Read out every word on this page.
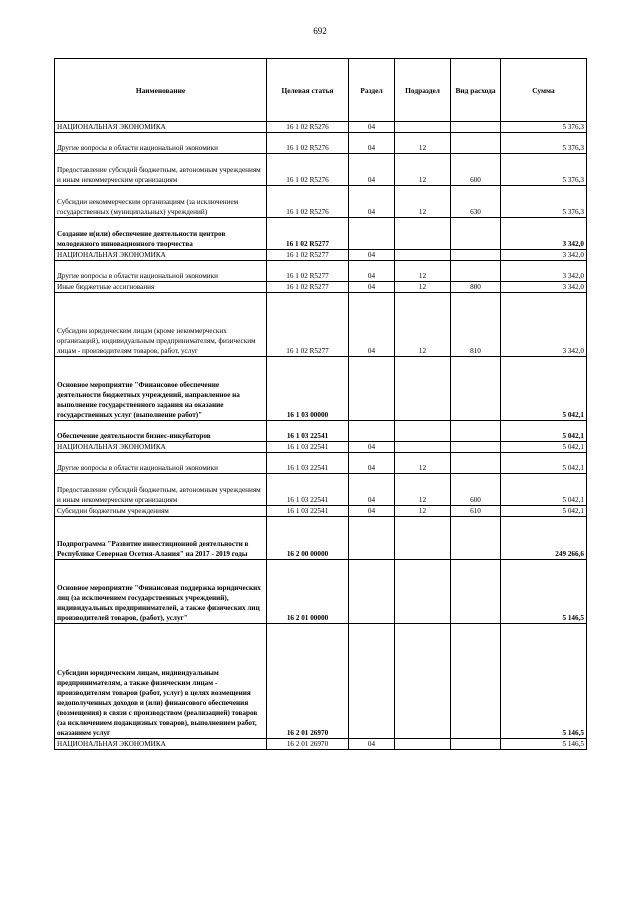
692
Наименование	Целевая статья	Раздел	Подраздел	Вид расхода	Сумма
НАЦИОНАЛЬНАЯ ЭКОНОМИКА	16 1 02 R5276	04			5 376,3
Другие вопросы в области национальной экономики	16 1 02 R5276	04	12		5 376,3
Предоставление субсидий бюджетным, автономным учреждениям и иным некоммерческим организациям	16 1 02 R5276	04	12	600	5 376,3
Субсидии некоммерческим организациям (за исключением государственных (муниципальных) учреждений)	16 1 02 R5276	04	12	630	5 376,3
Создание и(или) обеспечение деятельности центров молодежного инновационного творчества	16 1 02 R5277				3 342,0
НАЦИОНАЛЬНАЯ ЭКОНОМИКА	16 1 02 R5277	04			3 342,0
Другие вопросы в области национальной экономики	16 1 02 R5277	04	12		3 342,0
Иные бюджетные ассигнования	16 1 02 R5277	04	12	800	3 342,0
Субсидии юридическим лицам (кроме некоммерческих организаций), индивидуальным предпринимателям, физическим лицам - производителям товаров, работ, услуг	16 1 02 R5277	04	12	810	3 342,0
Основное мероприятие "Финансовое обеспечение деятельности бюджетных учреждений, направленное на выполнение государственного задания на оказание государственных услуг (выполнение работ)"	16 1 03 00000				5 042,1
Обеспечение деятельности бизнес-инкубаторов	16 1 03 22541				5 042,1
НАЦИОНАЛЬНАЯ ЭКОНОМИКА	16 1 03 22541	04			5 042,1
Другие вопросы в области национальной экономики	16 1 03 22541	04	12		5 042,1
Предоставление субсидий бюджетным, автономным учреждениям и иным некоммерческим организациям	16 1 03 22541	04	12	600	5 042,1
Субсидии бюджетным учреждениям	16 1 03 22541	04	12	610	5 042,1
Подпрограмма "Развитие инвестиционной деятельности в Республике Северная Осетия-Алания" на 2017 - 2019 годы	16 2 00 00000				249 266,6
Основное мероприятие "Финансовая поддержка юридических лиц (за исключением государственных учреждений), индивидуальных предпринимателей, а также физических лиц производителей товаров, (работ), услуг"	16 2 01 00000				5 146,5
Субсидии юридическим лицам, индивидуальным предпринимателям, а также физическим лицам - производителям товаров (работ, услуг) в целях возмещения недополученных доходов и (или) финансового обеспечения (возмещения) в связи с производством (реализацией) товаров (за исключением подакцизных товаров), выполнением работ, оказанием услуг	16 2 01 26970				5 146,5
НАЦИОНАЛЬНАЯ ЭКОНОМИКА	16 2 01 26970	04			5 146,5
